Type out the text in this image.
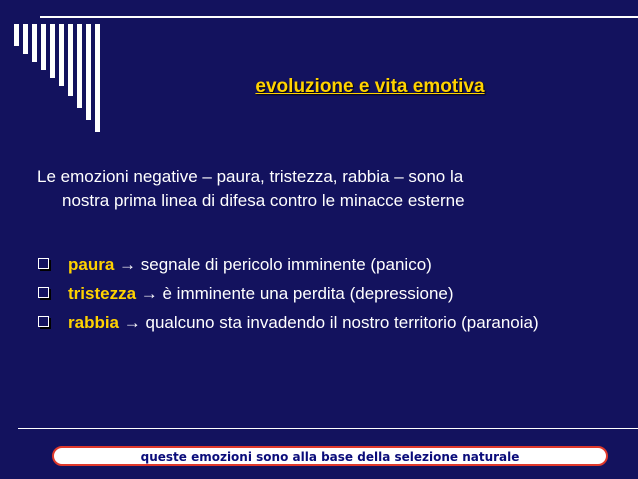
evoluzione e vita emotiva
Le emozioni negative – paura, tristezza, rabbia – sono la
nostra prima linea di difesa contro le minacce esterne
paura → segnale di pericolo imminente (panico)
tristezza → è imminente una perdita (depressione)
rabbia → qualcuno sta invadendo il nostro territorio (paranoia)
queste emozioni sono alla base della selezione naturale
